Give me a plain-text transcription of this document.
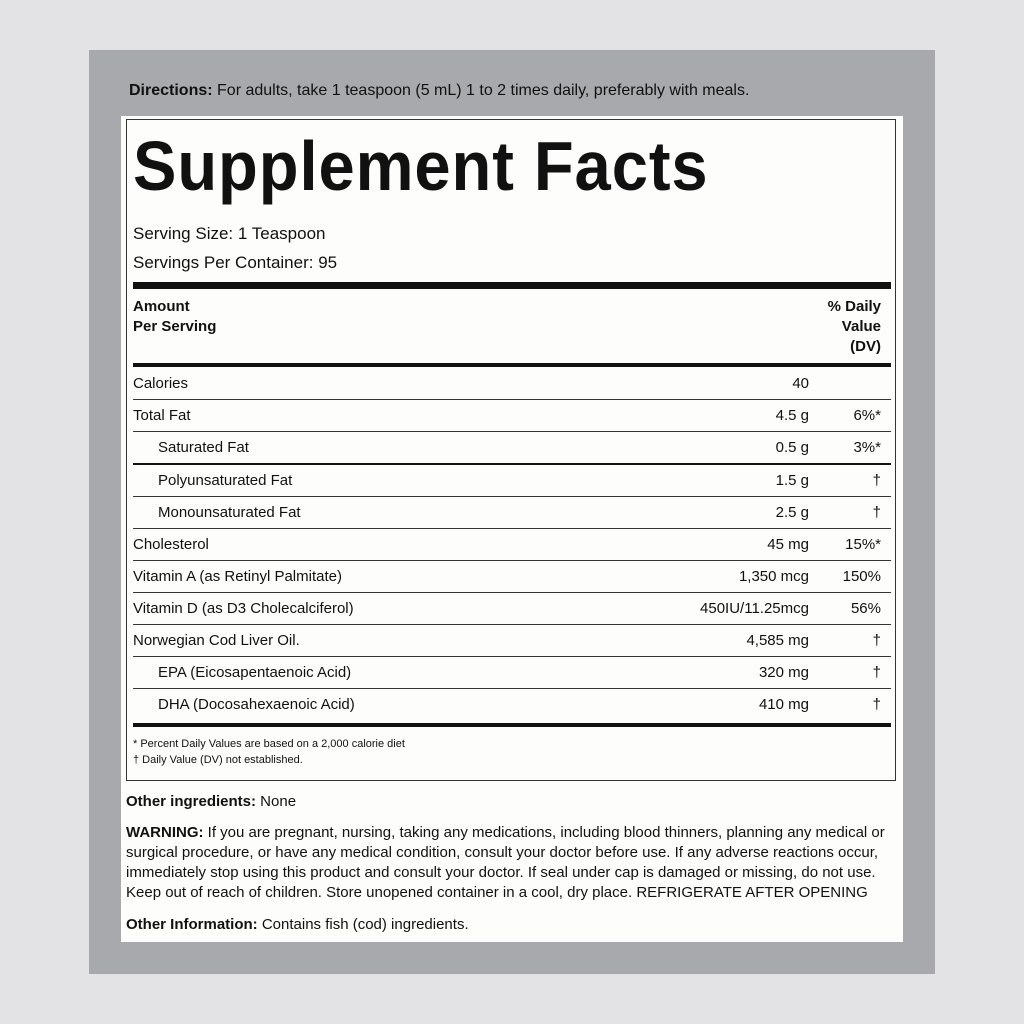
Directions: For adults, take 1 teaspoon (5 mL) 1 to 2 times daily, preferably with meals.
Supplement Facts
Serving Size: 1 Teaspoon
Servings Per Container: 95
Amount
Per Serving
% Daily
Value
(DV)
Calories	40
Total Fat	4.5 g	6%*
Saturated Fat	0.5 g	3%*
Polyunsaturated Fat	1.5 g	†
Monounsaturated Fat	2.5 g	†
Cholesterol	45 mg 15%*
Vitamin A (as Retinyl Palmitate)	1,350 mcg 150%
Vitamin D (as D3 Cholecalciferol)	450IU/11.25mcg	56%
Norwegian Cod Liver Oil.	4,585 mg	†
EPA (Eicosapentaenoic Acid)	320 mg	†
DHA (Docosahexaenoic Acid)	410 mg	†
* Percent Daily Values are based on a 2,000 calorie diet
† Daily Value (DV) not established.
Other ingredients: None
WARNING: If you are pregnant, nursing, taking any medications, including blood thinners, planning any medical or surgical procedure, or have any medical condition, consult your doctor before use. If any adverse reactions occur, immediately stop using this product and consult your doctor. If seal under cap is damaged or missing, do not use. Keep out of reach of children. Store unopened container in a cool, dry place. REFRIGERATE AFTER OPENING
Other Information: Contains fish (cod) ingredients.
